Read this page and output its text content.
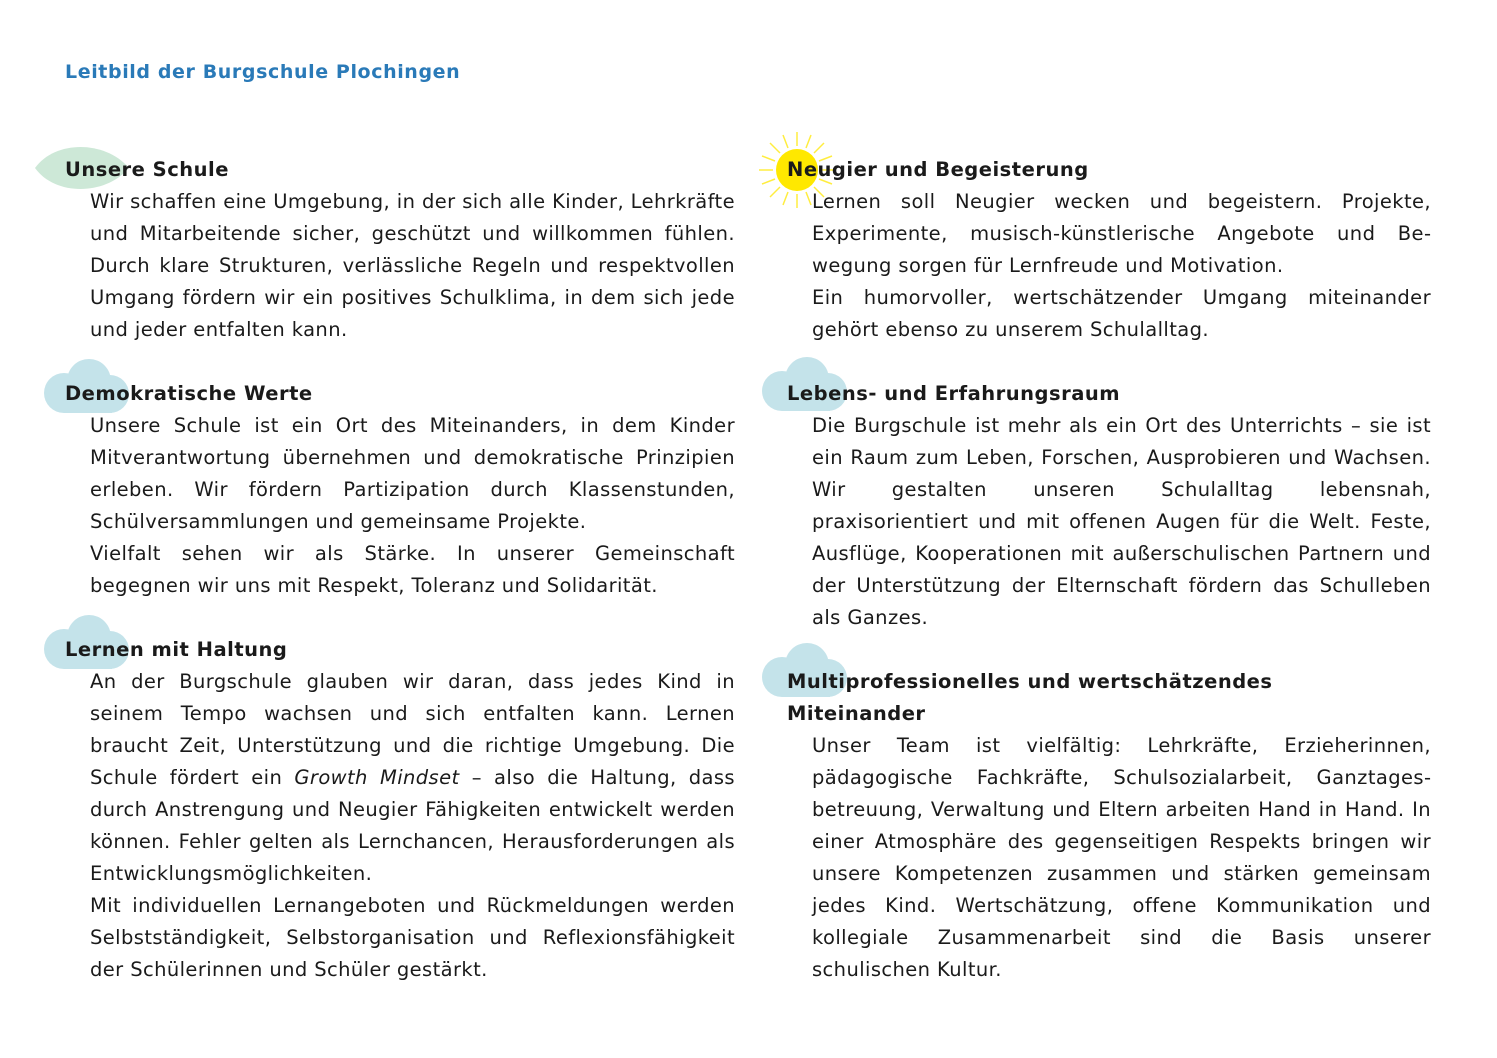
Leitbild der Burgschule Plochingen
Unsere Schule

Wir schaffen eine Umgebung, in der sich alle Kinder, Lehrkräfte und Mitarbeitende sicher, geschützt und willkommen fühlen. Durch klare Strukturen, verlässliche Regeln und respektvollen Umgang fördern wir ein positives Schulklima, in dem sich jede und jeder entfalten kann.

Demokratische Werte

Unsere Schule ist ein Ort des Miteinanders, in dem Kinder Mitverantwortung übernehmen und demokratische Prinzipien erleben. Wir fördern Partizipation durch Klassenstunden, Schülversammlungen und gemeinsame Projekte.

Vielfalt sehen wir als Stärke. In unserer Gemeinschaft begegnen wir uns mit Respekt, Toleranz und Solidarität.

Lernen mit Haltung

An der Burgschule glauben wir daran, dass jedes Kind in seinem Tempo wachsen und sich entfalten kann. Lernen braucht Zeit, Unterstützung und die richtige Umgebung. Die Schule fördert ein Growth Mindset – also die Haltung, dass durch Anstrengung und Neugier Fähigkeiten entwickelt werden können. Fehler gelten als Lernchancen, Herausforderungen als Entwicklungsmöglichkeiten.

Mit individuellen Lernangeboten und Rückmeldungen werden Selbstständigkeit, Selbstorganisation und Reflexionsfähigkeit der Schülerinnen und Schüler gestärkt.

Neugier und Begeisterung

Lernen soll Neugier wecken und begeistern. Projekte, Experimente, musisch-künstlerische Angebote und Bewegung sorgen für Lernfreude und Motivation.

Ein humorvoller, wertschätzender Umgang miteinander gehört ebenso zu unserem Schulalltag.

Lebens- und Erfahrungsraum

Die Burgschule ist mehr als ein Ort des Unterrichts – sie ist ein Raum zum Leben, Forschen, Ausprobieren und Wachsen. Wir gestalten unseren Schulalltag lebensnah, praxisorientiert und mit offenen Augen für die Welt. Feste, Ausflüge, Kooperationen mit außerschulischen Partnern und der Unterstützung der Elternschaft fördern das Schulleben als Ganzes.

Multiprofessionelles und wertschätzendes
Miteinander

Unser Team ist vielfältig: Lehrkräfte, Erzieherinnen, pädagogische Fachkräfte, Schulsozialarbeit, Ganztagesbetreuung, Verwaltung und Eltern arbeiten Hand in Hand. In einer Atmosphäre des gegenseitigen Respekts bringen wir unsere Kompetenzen zusammen und stärken gemeinsam jedes Kind. Wertschätzung, offene Kommunikation und kollegiale Zusammenarbeit sind die Basis unserer schulischen Kultur.
